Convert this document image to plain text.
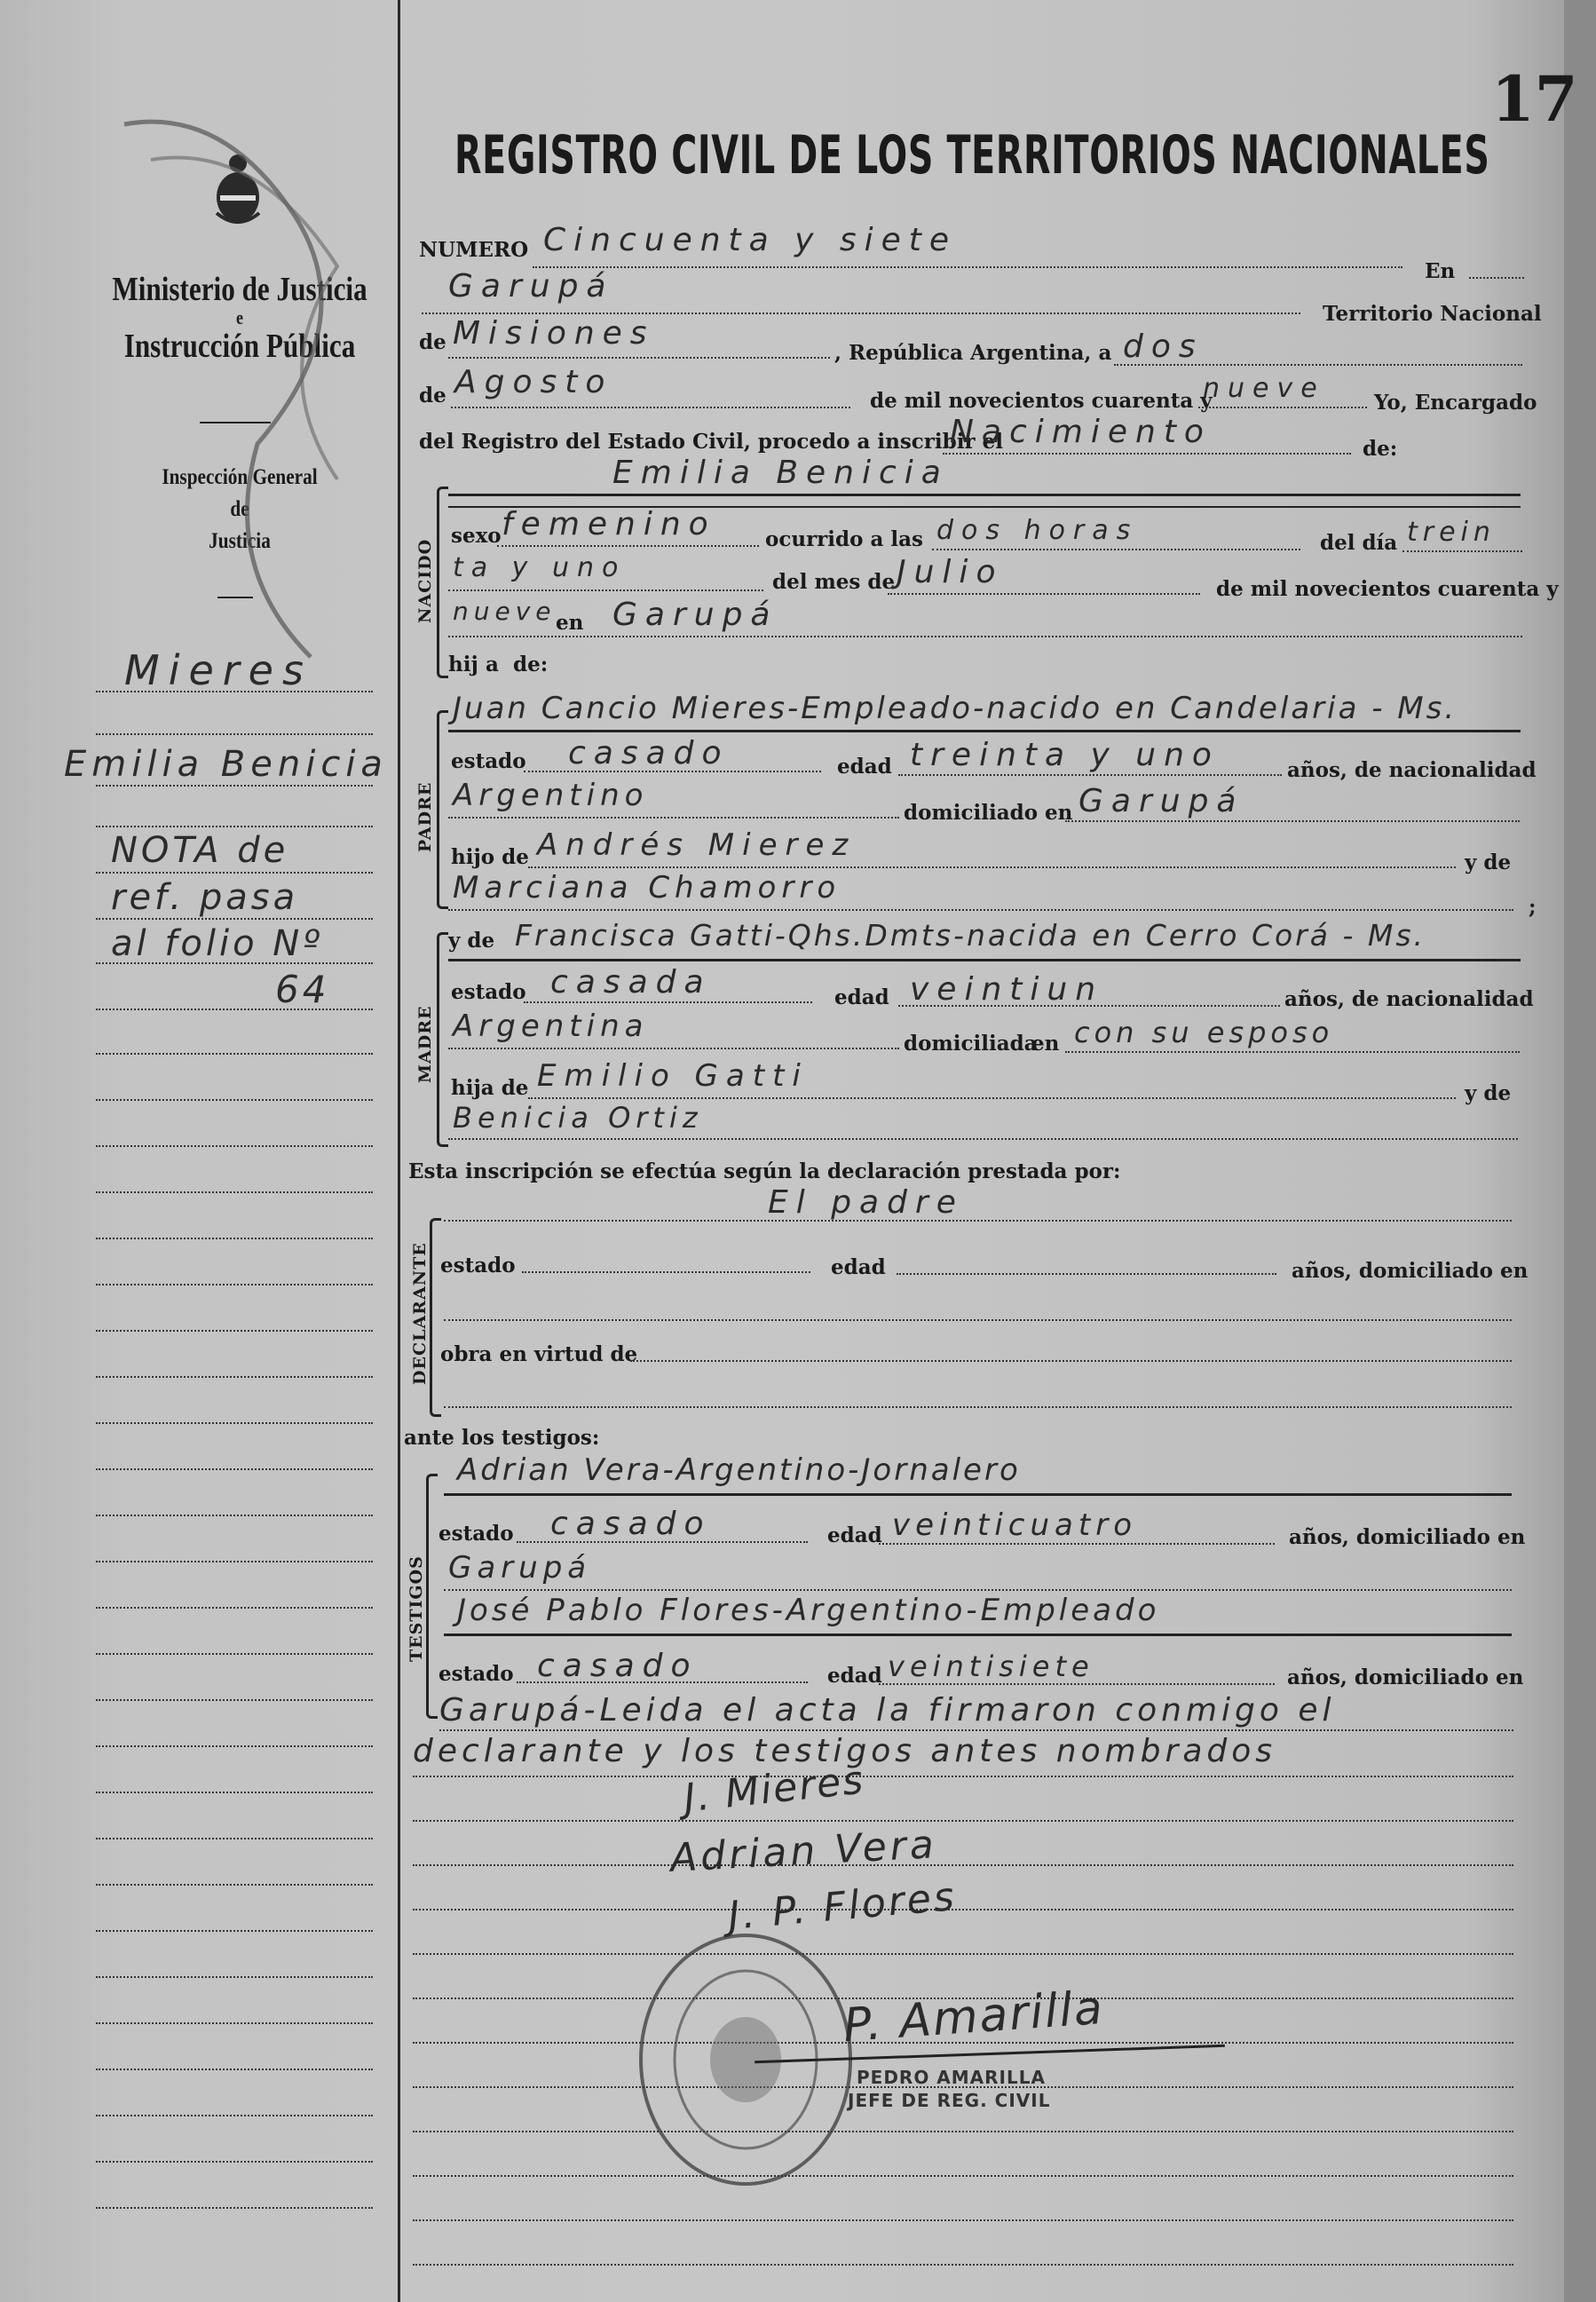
17
Ministerio de Justicia
e
Instrucción Pública
Inspección General
de
Justicia
Mieres
Emilia Benicia
NOTA de
ref. pasa
al folio Nº
64
REGISTRO CIVIL DE LOS TERRITORIOS NACIONALES
NUMERO Cincuenta y siete
En
Garupá
Territorio Nacional
de Misiones
, República Argentina, a dos
de Agosto
de mil novecientos cuarenta y
nueve Yo, Encargado
del Registro del Estado Civil, procedo a inscribir el
Nacimiento	de:
NACIDO
Emilia Benicia
sexo femenino ocurrido a las dos horas	del día trein
ta y uno	del mes de Julio	de mil novecientos cuarenta y
nueve en Garupá
hij a de:
PADRE
Juan Cancio Mieres-Empleado-nacido en Candelaria - Ms.
estado casado	edad treinta y uno	años, de nacionalidad
Argentino	domiciliado en Garupá
hijo de Andrés Mierez	y de
Marciana Chamorro
;
MADRE
y de Francisca Gatti-Qhs.Dmts-nacida en Cerro Corá - Ms.
estado casada	edad veintiun	años, de nacionalidad
Argentina	domiciliada
en con su esposo
hija de Emilio Gatti	y de
Benicia Ortiz
Esta inscripción se efectúa según la declaración prestada por:
DECLARANTE
El padre
estado	edad	años, domiciliado en
obra en virtud de
ante los testigos:
TESTIGOS
Adrian Vera-Argentino-Jornalero
estado casado	edad veinticuatro	años, domiciliado en
Garupá
José Pablo Flores-Argentino-Empleado
estado casado	edad veintisiete	años, domiciliado en
Garupá-Leida el acta la firmaron conmigo el
declarante y los testigos antes nombrados
J. Mieres
Adrian Vera
J. P. Flores
P. Amarilla
PEDRO AMARILLA
JEFE DE REG. CIVIL
